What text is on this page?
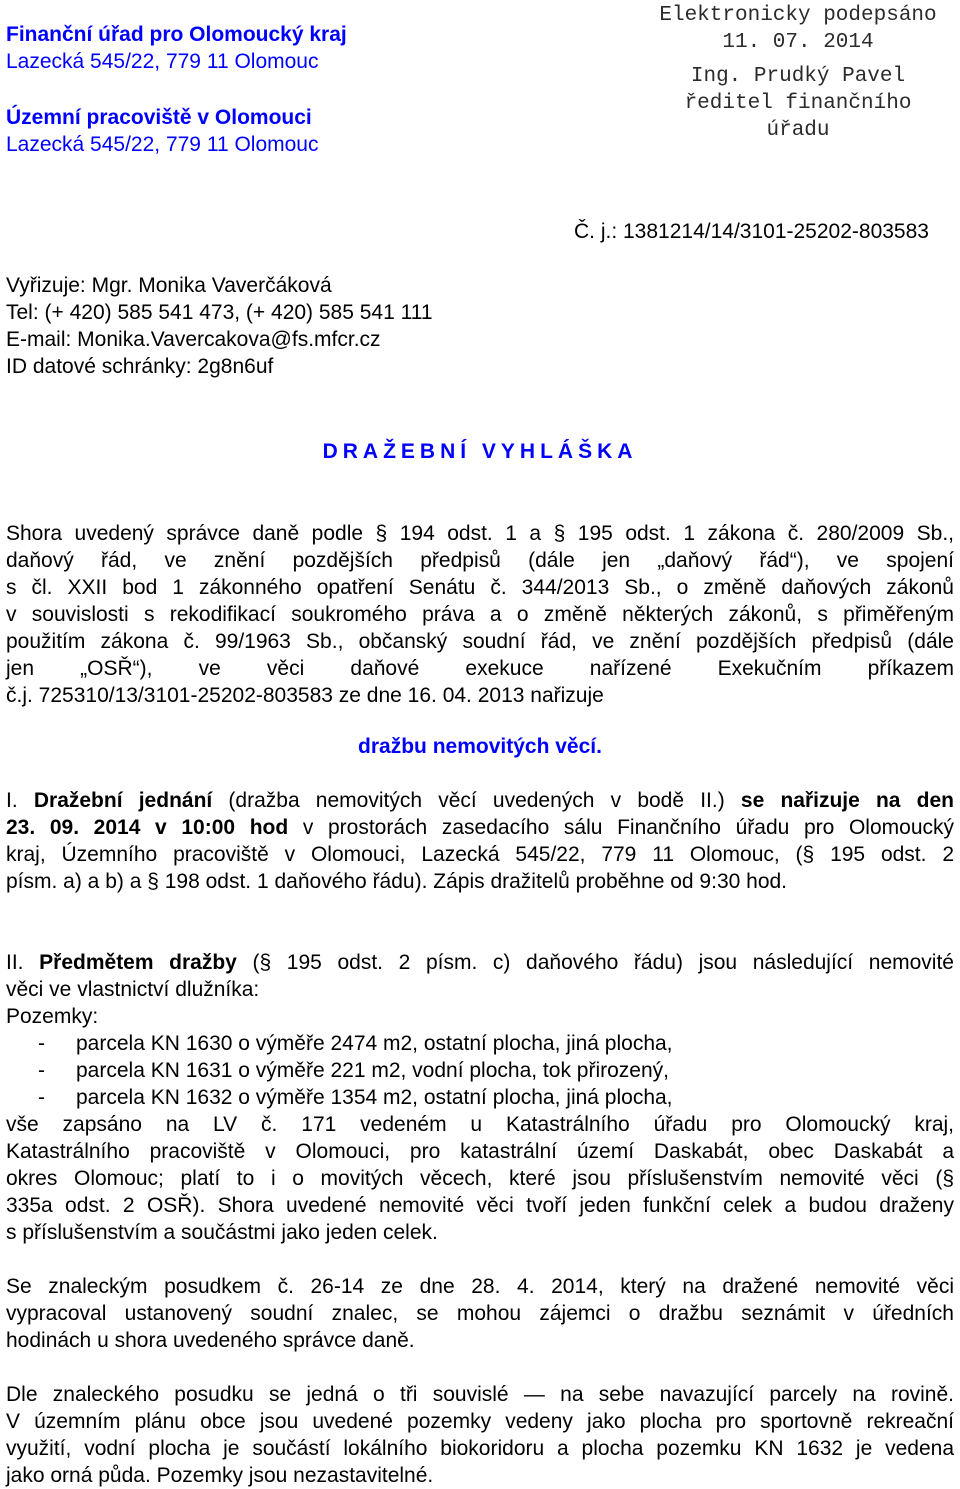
Finanční úřad pro Olomoucký kraj
Lazecká 545/22, 779 11 Olomouc
Územní pracoviště v Olomouci
Lazecká 545/22, 779 11 Olomouc
Elektronicky podepsáno
11. 07. 2014
Ing. Prudký Pavel
ředitel finančního
úřadu
Č. j.: 1381214/14/3101-25202-803583
Vyřizuje: Mgr. Monika Vaverčáková
Tel: (+ 420) 585 541 473, (+ 420) 585 541 111
E-mail: Monika.Vavercakova@fs.mfcr.cz
ID datové schránky: 2g8n6uf
DRAŽEBNÍ VYHLÁŠKA
Shora uvedený správce daně podle § 194 odst. 1 a § 195 odst. 1 zákona č. 280/2009 Sb.,
daňový řád, ve znění pozdějších předpisů (dále jen „daňový řád“), ve spojení
s čl. XXII bod 1 zákonného opatření Senátu č. 344/2013 Sb., o změně daňových zákonů
v souvislosti s rekodifikací soukromého práva a o změně některých zákonů, s přiměřeným
použitím zákona č. 99/1963 Sb., občanský soudní řád, ve znění pozdějších předpisů (dále
jen „OSŘ“), ve věci daňové exekuce nařízené Exekučním příkazem
č.j. 725310/13/3101-25202-803583 ze dne 16. 04. 2013 nařizuje
dražbu nemovitých věcí.
I. Dražební jednání (dražba nemovitých věcí uvedených v bodě II.) se nařizuje na den
23. 09. 2014 v 10:00 hod v prostorách zasedacího sálu Finančního úřadu pro Olomoucký
kraj, Územního pracoviště v Olomouci, Lazecká 545/22, 779 11 Olomouc, (§ 195 odst. 2
písm. a) a b) a § 198 odst. 1 daňového řádu). Zápis dražitelů proběhne od 9:30 hod.
II. Předmětem dražby (§ 195 odst. 2 písm. c) daňového řádu) jsou následující nemovité
věci ve vlastnictví dlužníka:
Pozemky:
- parcela KN 1630 o výměře 2474 m2, ostatní plocha, jiná plocha,
- parcela KN 1631 o výměře 221 m2, vodní plocha, tok přirozený,
- parcela KN 1632 o výměře 1354 m2, ostatní plocha, jiná plocha,
vše zapsáno na LV č. 171 vedeném u Katastrálního úřadu pro Olomoucký kraj,
Katastrálního pracoviště v Olomouci, pro katastrální území Daskabát, obec Daskabát a
okres Olomouc; platí to i o movitých věcech, které jsou příslušenstvím nemovité věci (§
335a odst. 2 OSŘ). Shora uvedené nemovité věci tvoří jeden funkční celek a budou draženy
s příslušenstvím a součástmi jako jeden celek.
Se znaleckým posudkem č. 26-14 ze dne 28. 4. 2014, který na dražené nemovité věci
vypracoval ustanovený soudní znalec, se mohou zájemci o dražbu seznámit v úředních
hodinách u shora uvedeného správce daně.
Dle znaleckého posudku se jedná o tři souvislé — na sebe navazující parcely na rovině.
V územním plánu obce jsou uvedené pozemky vedeny jako plocha pro sportovně rekreační
využití, vodní plocha je součástí lokálního biokoridoru a plocha pozemku KN 1632 je vedena
jako orná půda. Pozemky jsou nezastavitelné.
